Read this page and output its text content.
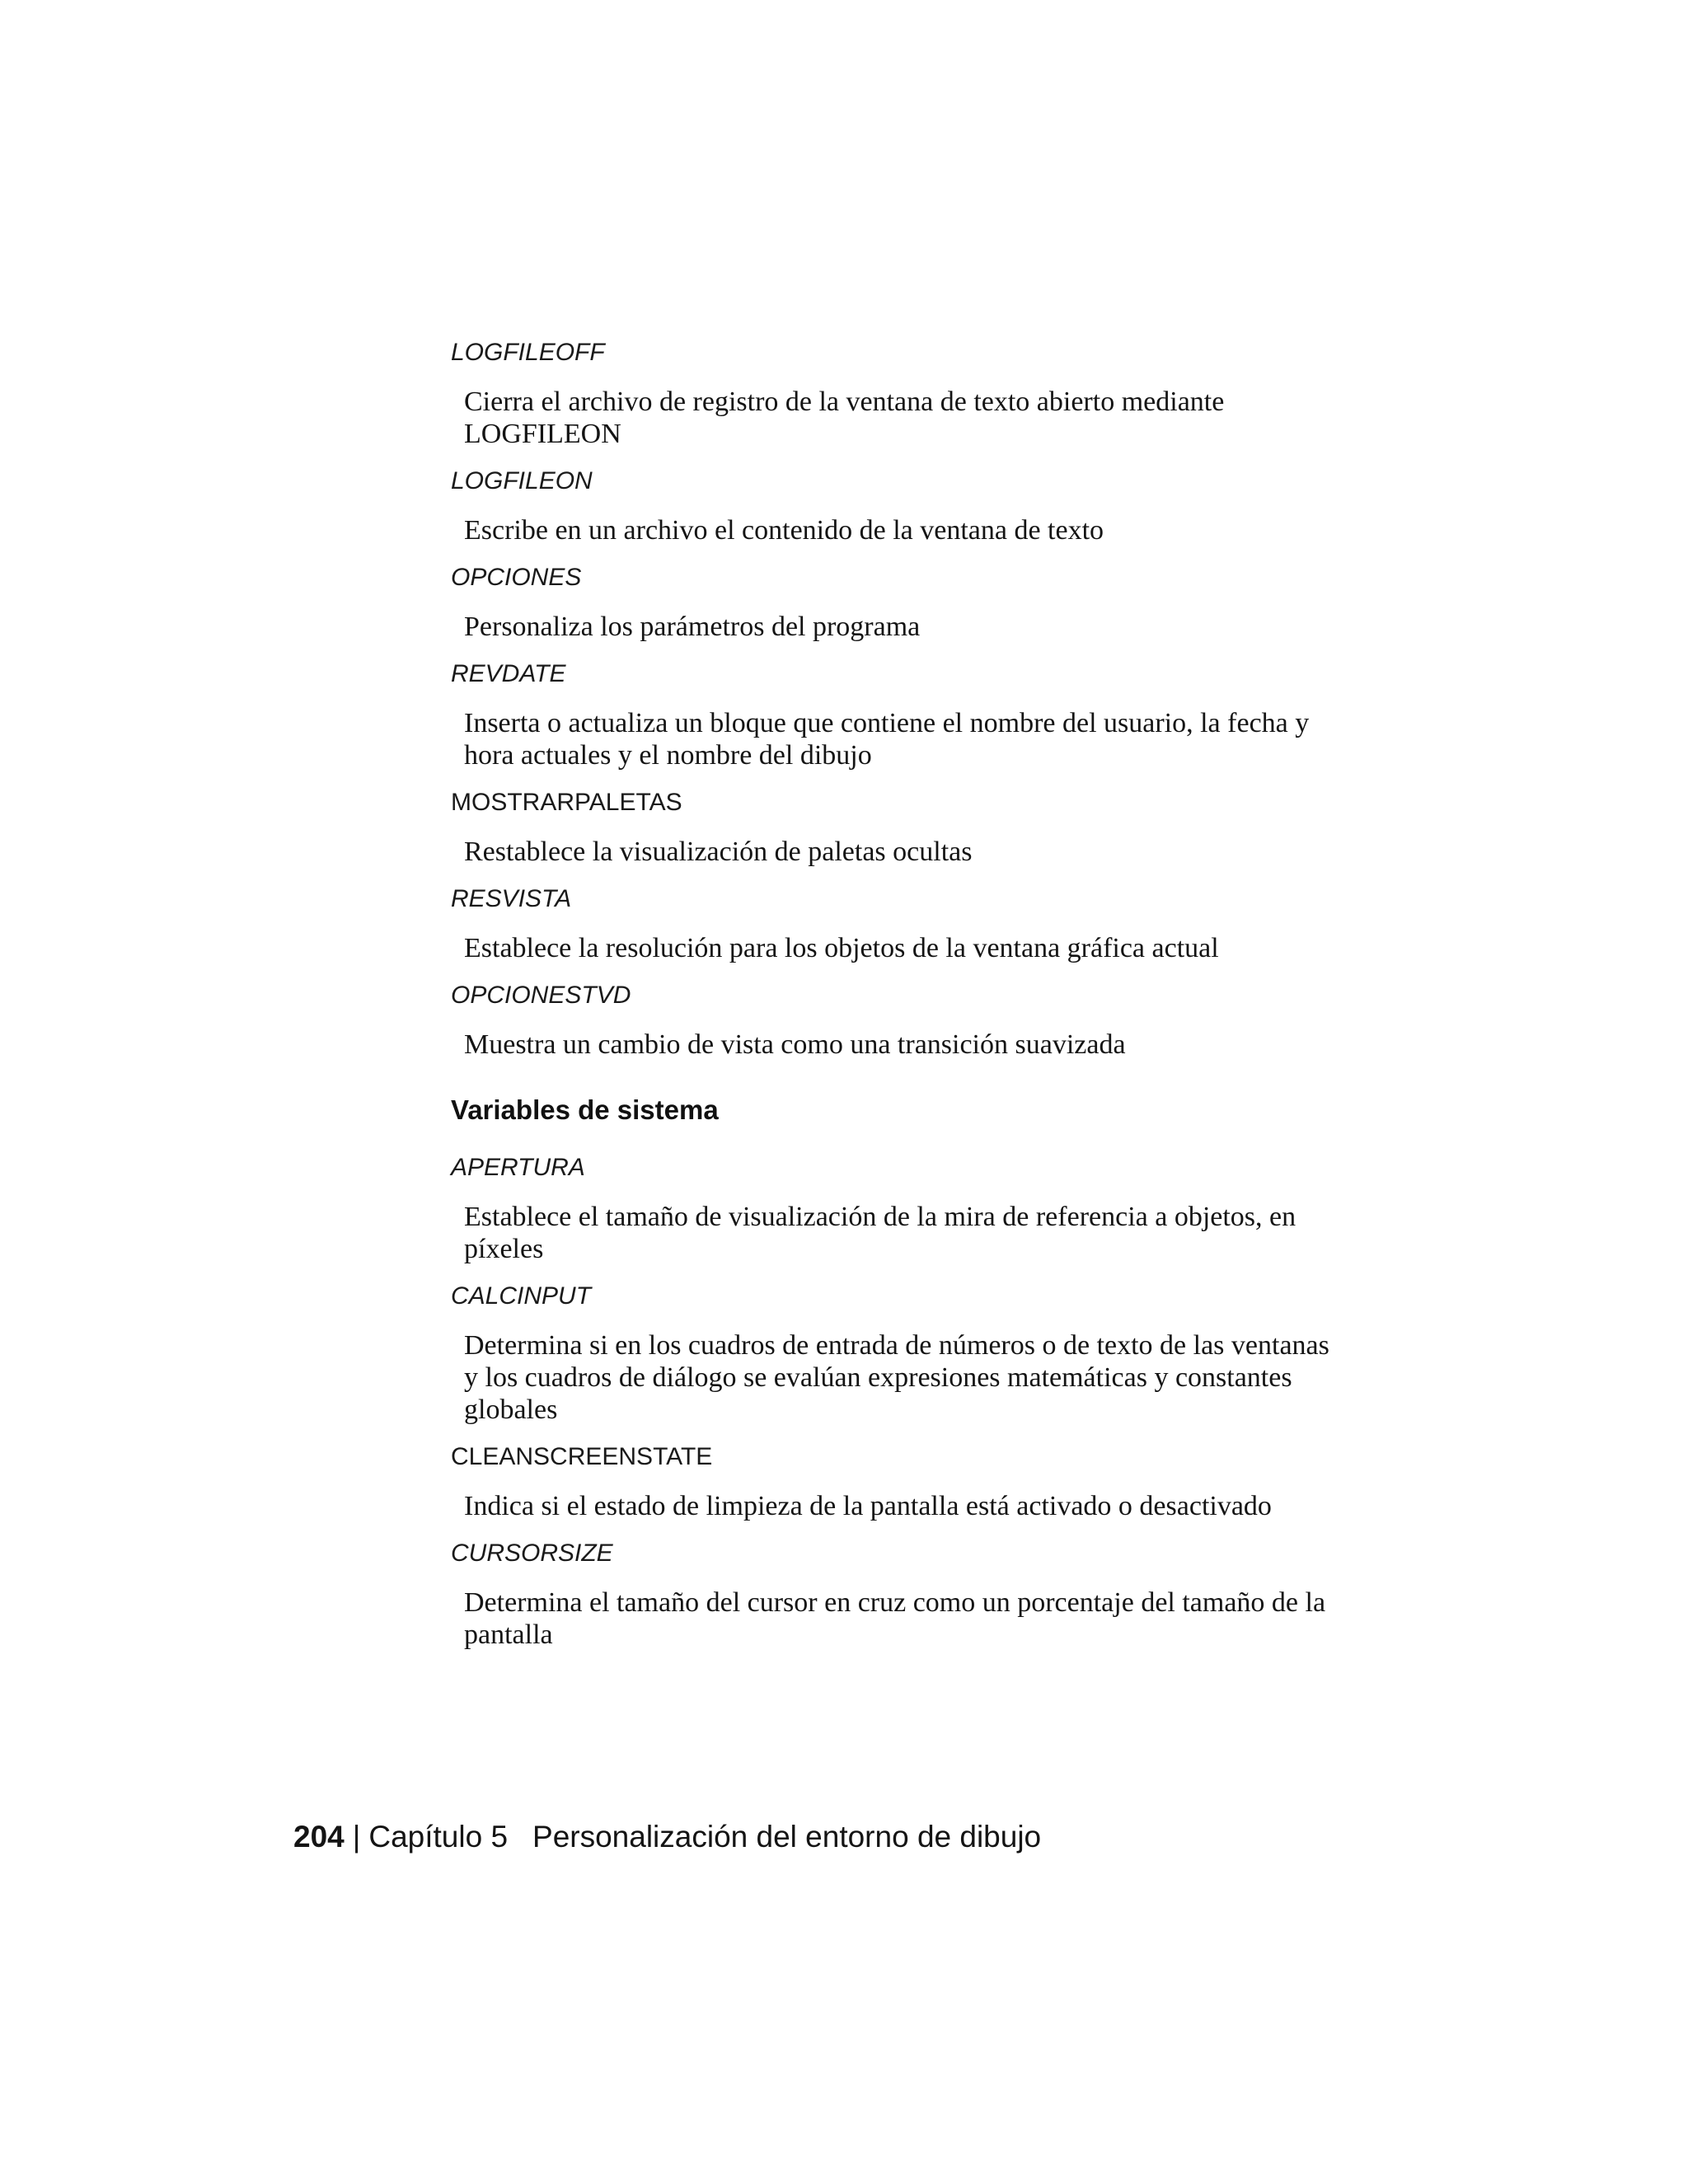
LOGFILEOFF

Cierra el archivo de registro de la ventana de texto abierto mediante LOGFILEON

LOGFILEON

Escribe en un archivo el contenido de la ventana de texto

OPCIONES

Personaliza los parámetros del programa

REVDATE

Inserta o actualiza un bloque que contiene el nombre del usuario, la fecha y hora actuales y el nombre del dibujo

MOSTRARPALETAS

Restablece la visualización de paletas ocultas

RESVISTA

Establece la resolución para los objetos de la ventana gráfica actual

OPCIONESTVD

Muestra un cambio de vista como una transición suavizada

Variables de sistema

APERTURA

Establece el tamaño de visualización de la mira de referencia a objetos, en píxeles

CALCINPUT

Determina si en los cuadros de entrada de números o de texto de las ventanas y los cuadros de diálogo se evalúan expresiones matemáticas y constantes globales

CLEANSCREENSTATE

Indica si el estado de limpieza de la pantalla está activado o desactivado

CURSORSIZE

Determina el tamaño del cursor en cruz como un porcentaje del tamaño de la pantalla

204 | Capítulo 5 Personalización del entorno de dibujo
